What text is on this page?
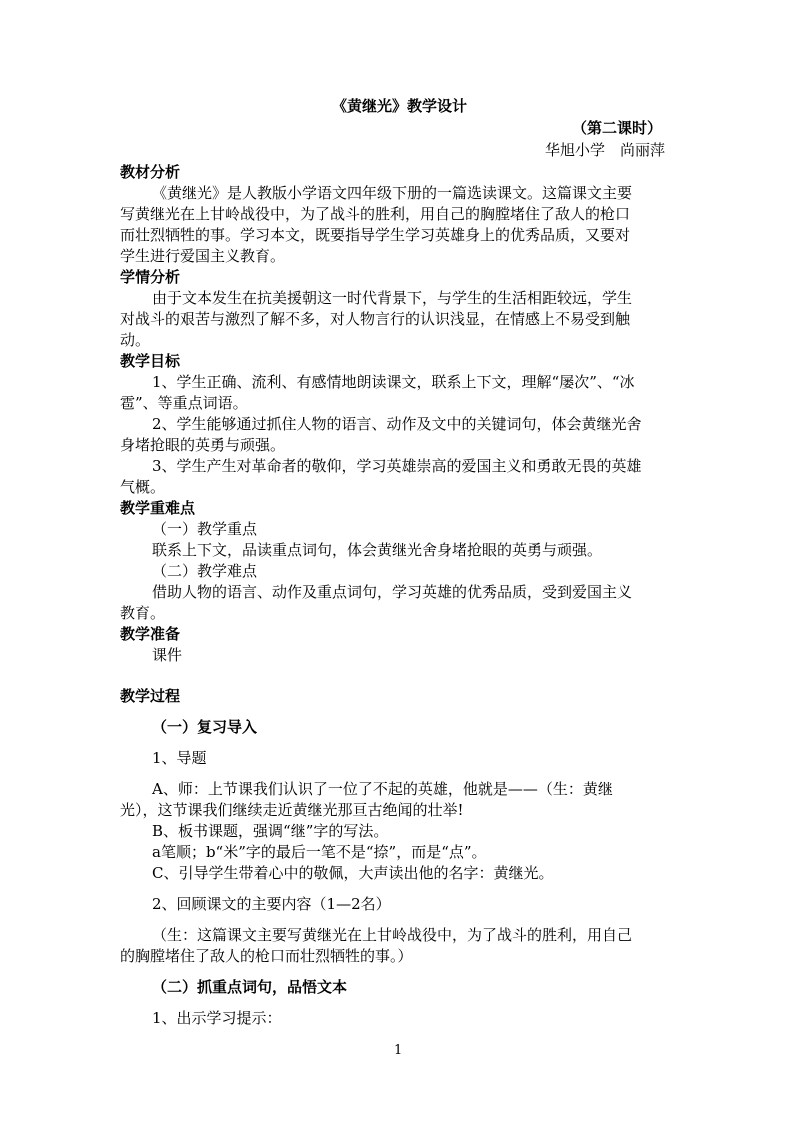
《黄继光》教学设计
（第二课时）
华旭小学　尚丽萍
教材分析
《黄继光》是人教版小学语文四年级下册的一篇选读课文。这篇课文主要
写黄继光在上甘岭战役中，为了战斗的胜利，用自己的胸膛堵住了敌人的枪口
而壮烈牺牲的事。学习本文，既要指导学生学习英雄身上的优秀品质，又要对
学生进行爱国主义教育。
学情分析
由于文本发生在抗美援朝这一时代背景下，与学生的生活相距较远，学生
对战斗的艰苦与激烈了解不多，对人物言行的认识浅显，在情感上不易受到触
动。
教学目标
1、学生正确、流利、有感情地朗读课文，联系上下文，理解“屡次”、“冰
雹”、等重点词语。
2、学生能够通过抓住人物的语言、动作及文中的关键词句，体会黄继光舍
身堵抢眼的英勇与顽强。
3、学生产生对革命者的敬仰，学习英雄崇高的爱国主义和勇敢无畏的英雄
气概。
教学重难点
（一）教学重点
联系上下文，品读重点词句，体会黄继光舍身堵抢眼的英勇与顽强。
（二）教学难点
借助人物的语言、动作及重点词句，学习英雄的优秀品质，受到爱国主义
教育。
教学准备
课件
教学过程
（一）复习导入
1、导题
A、师：上节课我们认识了一位了不起的英雄，他就是——（生：黄继
光），这节课我们继续走近黄继光那亘古绝闻的壮举!
B、板书课题，强调“继”字的写法。
a笔顺；b“米”字的最后一笔不是“捺”，而是“点”。
C、引导学生带着心中的敬佩，大声读出他的名字：黄继光。
2、回顾课文的主要内容（1—2名）
（生：这篇课文主要写黄继光在上甘岭战役中，为了战斗的胜利，用自己
的胸膛堵住了敌人的枪口而壮烈牺牲的事。）
（二）抓重点词句，品悟文本
1、出示学习提示：
1
